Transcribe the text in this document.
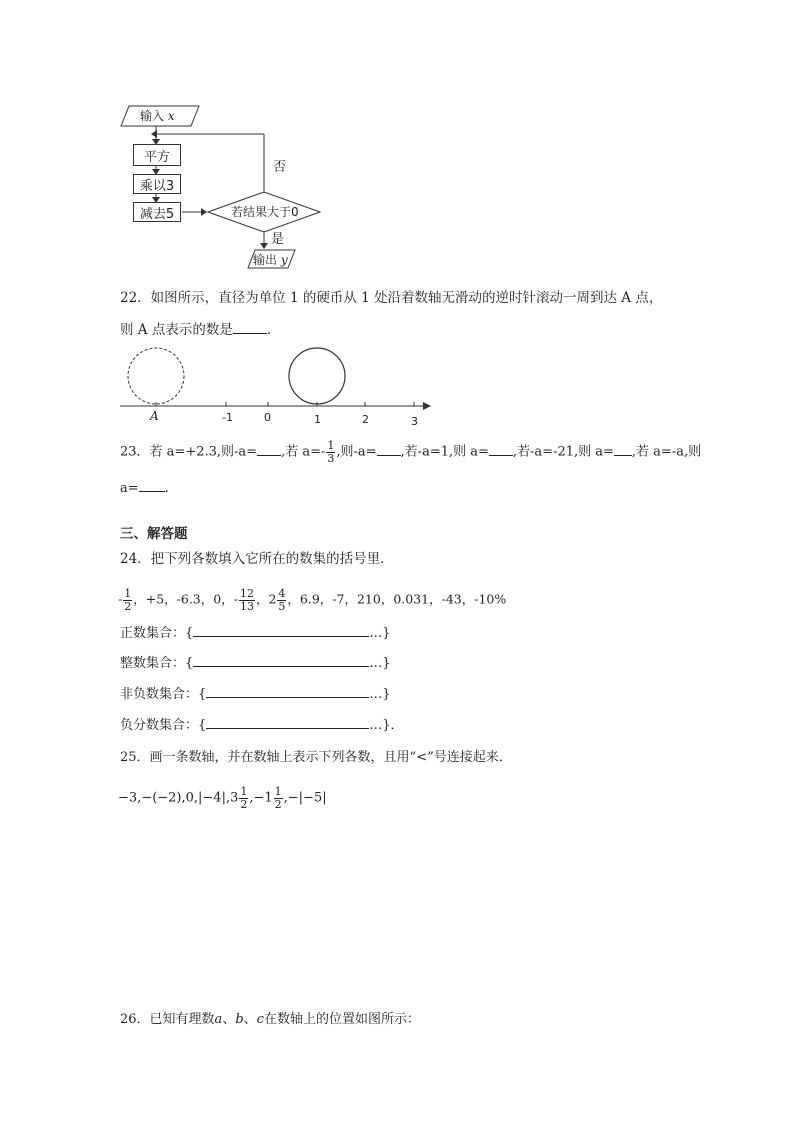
输入 x
平方
乘以3
减去5	若结果大于0
否
是
输出 y
22．如图所示，直径为单位 1 的硬币从 1 处沿着数轴无滑动的逆时针滚动一周到达 A 点，
则 A 点表示的数是	．
A	-1	0	1	2	3
23．若 a=+2.3,则-a= ,若 $a=- \frac{1}{3}$ ,则-a= ,若-a=1,则 a= ,若-a=-21,则 a= ,若 a=-a,则
a= .
三、解答题
24．把下列各数填入它所在的数集的括号里．
- $\frac{1}{2}$ ，+5，-6.3，0，- $\frac{12}{13}$ ，$2 \frac{4}{5}$ ，6.9，-7，210，0.031，-43，-10%
正数集合：{	…}
整数集合：{	…}
非负数集合：{	…}
负分数集合：{	…}．
25．画一条数轴，并在数轴上表示下列各数，且用“<”号连接起来．
$-3,-(-2),0,|-4|,3 \frac{1}{2} ,-1 \frac{1}{2} ,-|-5|$
26．已知有理数a、b、c在数轴上的位置如图所示：
